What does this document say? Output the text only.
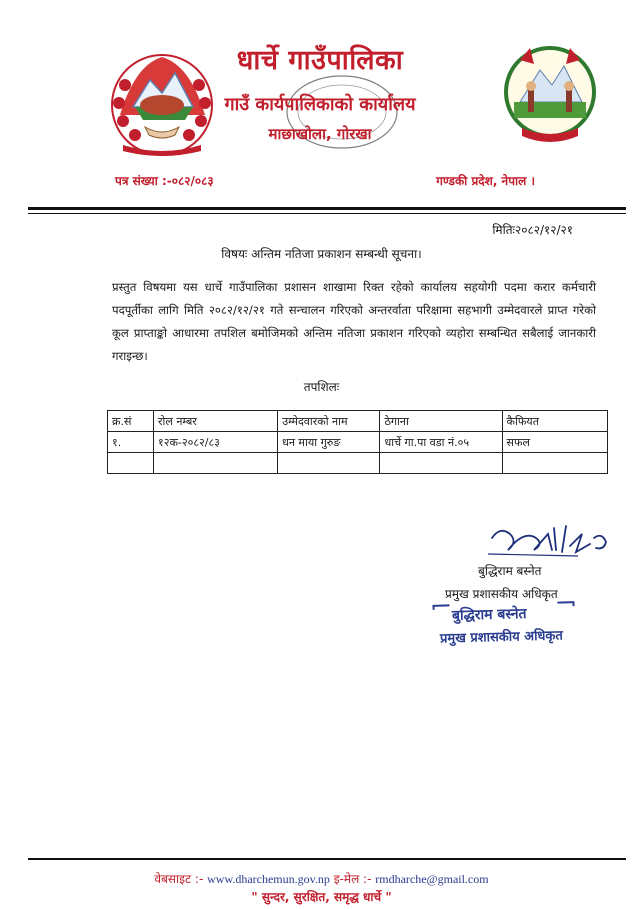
धार्चे गाउँपालिका
गाउँ कार्यपालिकाको कार्यालय
माछाखोला, गोरखा
पत्र संख्या :-०८२/०८३	गण्डकी प्रदेश, नेपाल ।
मितिः२०८२/१२/२१
विषयः अन्तिम नतिजा प्रकाशन सम्बन्धी सूचना।
प्रस्तुत विषयमा यस धार्चे गाउँपालिका प्रशासन शाखामा रिक्त रहेको कार्यालय सहयोगी पदमा करार कर्मचारी पदपूर्तीका लागि मिति २०८२/१२/२१ गते सन्चालन गरिएको अन्तरर्वाता परिक्षामा सहभागी उम्मेदवारले प्राप्त गरेको कूल प्राप्ताङ्को आधारमा तपशिल बमोजिमको अन्तिम नतिजा प्रकाशन गरिएको व्यहोरा सम्बन्धित सबैलाई जानकारी गराइन्छ।
तपशिलः
क्र.सं	रोल नम्बर	उम्मेदवारको नाम	ठेगाना	कैफियत
१.	१२क-२०८२/८३	धन माया गुरुङ	धार्चे गा.पा वडा नं.०५	सफल

बुद्धिराम बस्नेत
प्रमुख प्रशासकीय अधिकृत
बुद्धिराम बस्नेत
प्रमुख प्रशासकीय अधिकृत
वेबसाइट :- www.dharchemun.gov.np इ-मेल :- rmdharche@gmail.com
" सुन्दर, सुरक्षित, समृद्ध धार्चे "
